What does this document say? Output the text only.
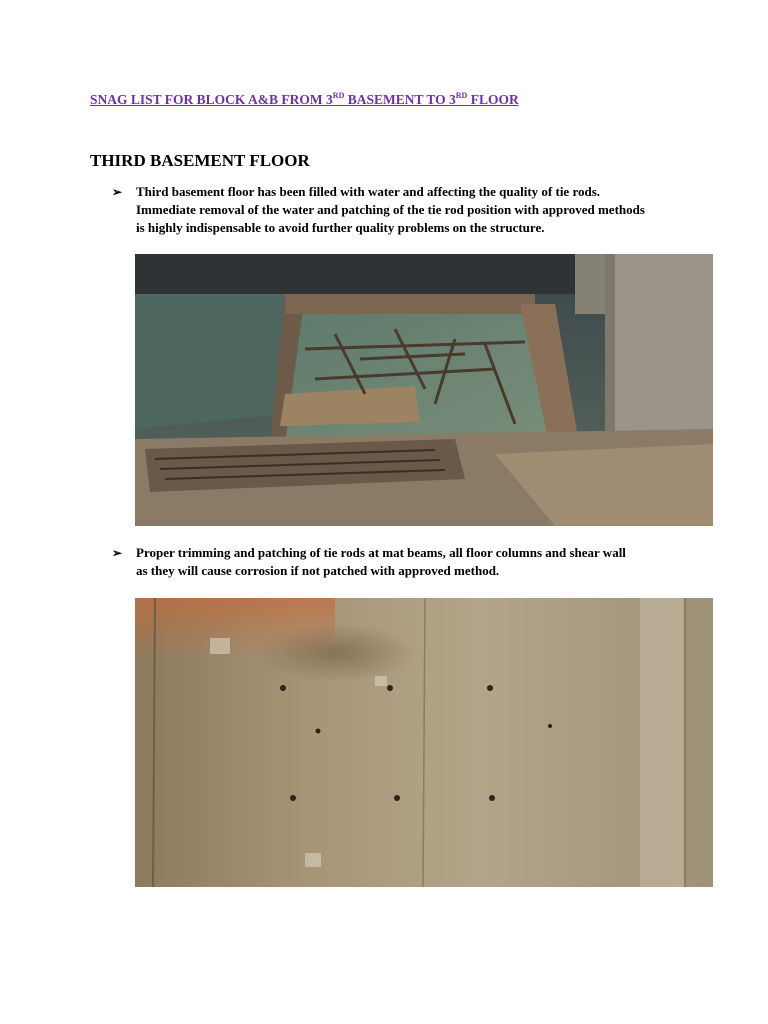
SNAG LIST FOR BLOCK A&B FROM 3RD BASEMENT TO 3RD FLOOR
THIRD BASEMENT FLOOR
➢ Third basement floor has been filled with water and affecting the quality of tie rods.
Immediate removal of the water and patching of the tie rod position with approved methods
is highly indispensable to avoid further quality problems on the structure.
➢ Proper trimming and patching of tie rods at mat beams, all floor columns and shear wall
as they will cause corrosion if not patched with approved method.
